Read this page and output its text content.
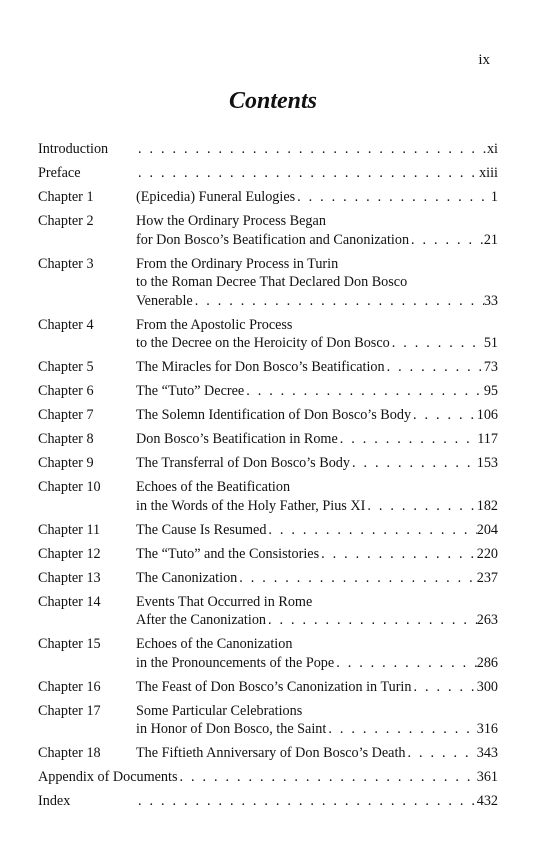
ix
Contents
Introduction . . .	xi
Preface . . .	xiii
Chapter 1	(Epicedia) Funeral Eulogies . . .	1
Chapter 2	How the Ordinary Process Began
for Don Bosco’s Beatification and Canonization . . .	21
Chapter 3	From the Ordinary Process in Turin
to the Roman Decree That Declared Don Bosco
Venerable . . .	33
Chapter 4	From the Apostolic Process
to the Decree on the Heroicity of Don Bosco . . .	51
Chapter 5	The Miracles for Don Bosco’s Beatification . . .	73
Chapter 6	The “Tuto” Decree . . .	95
Chapter 7	The Solemn Identification of Don Bosco’s Body . . .	106
Chapter 8	Don Bosco’s Beatification in Rome . . .	117
Chapter 9	The Transferral of Don Bosco’s Body . . .	153
Chapter 10 Echoes of the Beatification
in the Words of the Holy Father, Pius XI . . .	182
Chapter 11	The Cause Is Resumed . . .	204
Chapter 12 The “Tuto” and the Consistories . . .	220
Chapter 13 The Canonization . . .	237
Chapter 14 Events That Occurred in Rome
After the Canonization . . .	263
Chapter 15 Echoes of the Canonization
in the Pronouncements of the Pope . . .	286
Chapter 16 The Feast of Don Bosco’s Canonization in Turin . . .	300
Chapter 17 Some Particular Celebrations
in Honor of Don Bosco, the Saint . . .	316
Chapter 18 The Fiftieth Anniversary of Don Bosco’s Death . . .	343
Appendix of Documents . . .	361
Index . . .	432
